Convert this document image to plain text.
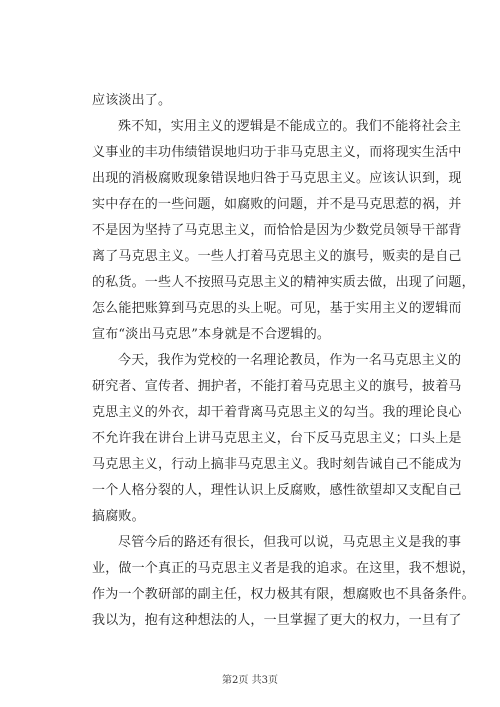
应该淡出了。
殊不知，实用主义的逻辑是不能成立的。我们不能将社会主
义事业的丰功伟绩错误地归功于非马克思主义，而将现实生活中
出现的消极腐败现象错误地归咎于马克思主义。应该认识到，现
实中存在的一些问题，如腐败的问题，并不是马克思惹的祸，并
不是因为坚持了马克思主义，而恰恰是因为少数党员领导干部背
离了马克思主义。一些人打着马克思主义的旗号，贩卖的是自己
的私货。一些人不按照马克思主义的精神实质去做，出现了问题，
怎么能把账算到马克思的头上呢。可见，基于实用主义的逻辑而
宣布“淡出马克思”本身就是不合逻辑的。
今天，我作为党校的一名理论教员，作为一名马克思主义的
研究者、宣传者、拥护者，不能打着马克思主义的旗号，披着马
克思主义的外衣，却干着背离马克思主义的勾当。我的理论良心
不允许我在讲台上讲马克思主义，台下反马克思主义；口头上是
马克思主义，行动上搞非马克思主义。我时刻告诫自己不能成为
一个人格分裂的人，理性认识上反腐败，感性欲望却又支配自己
搞腐败。
尽管今后的路还有很长，但我可以说，马克思主义是我的事
业，做一个真正的马克思主义者是我的追求。在这里，我不想说，
作为一个教研部的副主任，权力极其有限，想腐败也不具备条件。
我以为，抱有这种想法的人，一旦掌握了更大的权力，一旦有了
第2页 共3页
